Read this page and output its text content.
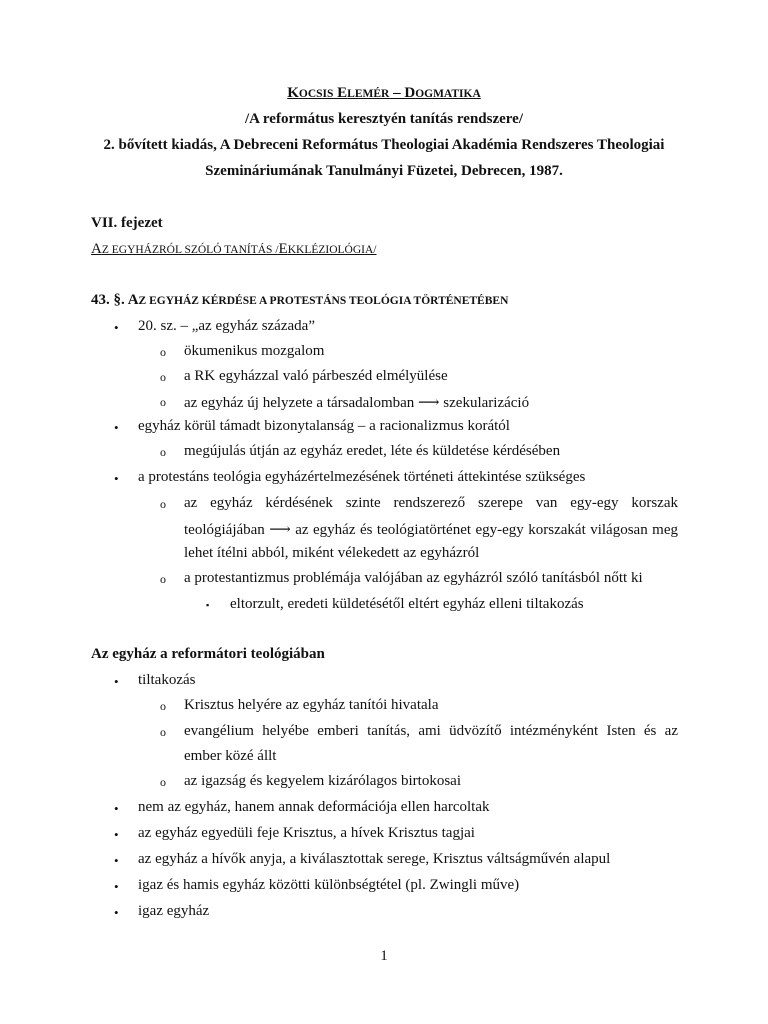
KOCSIS ELEMÉR – DOGMATIKA
/A református keresztyén tanítás rendszere/
2. bővített kiadás, A Debreceni Református Theologiai Akadémia Rendszeres Theologiai
Szemináriumának Tanulmányi Füzetei, Debrecen, 1987.
VII. fejezet
AZ EGYHÁZRÓL SZÓLÓ TANÍTÁS /EKKLÉZIOLÓGIA/
43. §. AZ EGYHÁZ KÉRDÉSE A PROTESTÁNS TEOLÓGIA TÖRTÉNETÉBEN
• 20. sz. – „az egyház százada”
o ökumenikus mozgalom
o a RK egyházzal való párbeszéd elmélyülése
o az egyház új helyzete a társadalomban ⟶ szekularizáció
• egyház körül támadt bizonytalanság – a racionalizmus korától
o megújulás útján az egyház eredet, léte és küldetése kérdésében
• a protestáns teológia egyházértelmezésének történeti áttekintése szükséges
o az egyház kérdésének szinte rendszerező szerepe van egy-egy korszak
teológiájában ⟶ az egyház és teológiatörténet egy-egy korszakát világosan meg
lehet ítélni abból, miként vélekedett az egyházról
o a protestantizmus problémája valójában az egyházról szóló tanításból nőtt ki
▪ eltorzult, eredeti küldetésétől eltért egyház elleni tiltakozás
Az egyház a reformátori teológiában
• tiltakozás
o Krisztus helyére az egyház tanítói hivatala
o evangélium helyébe emberi tanítás, ami üdvözítő intézményként Isten és az
ember közé állt
o az igazság és kegyelem kizárólagos birtokosai
• nem az egyház, hanem annak deformációja ellen harcoltak
• az egyház egyedüli feje Krisztus, a hívek Krisztus tagjai
• az egyház a hívők anyja, a kiválasztottak serege, Krisztus váltságművén alapul
• igaz és hamis egyház közötti különbségtétel (pl. Zwingli műve)
• igaz egyház
1
